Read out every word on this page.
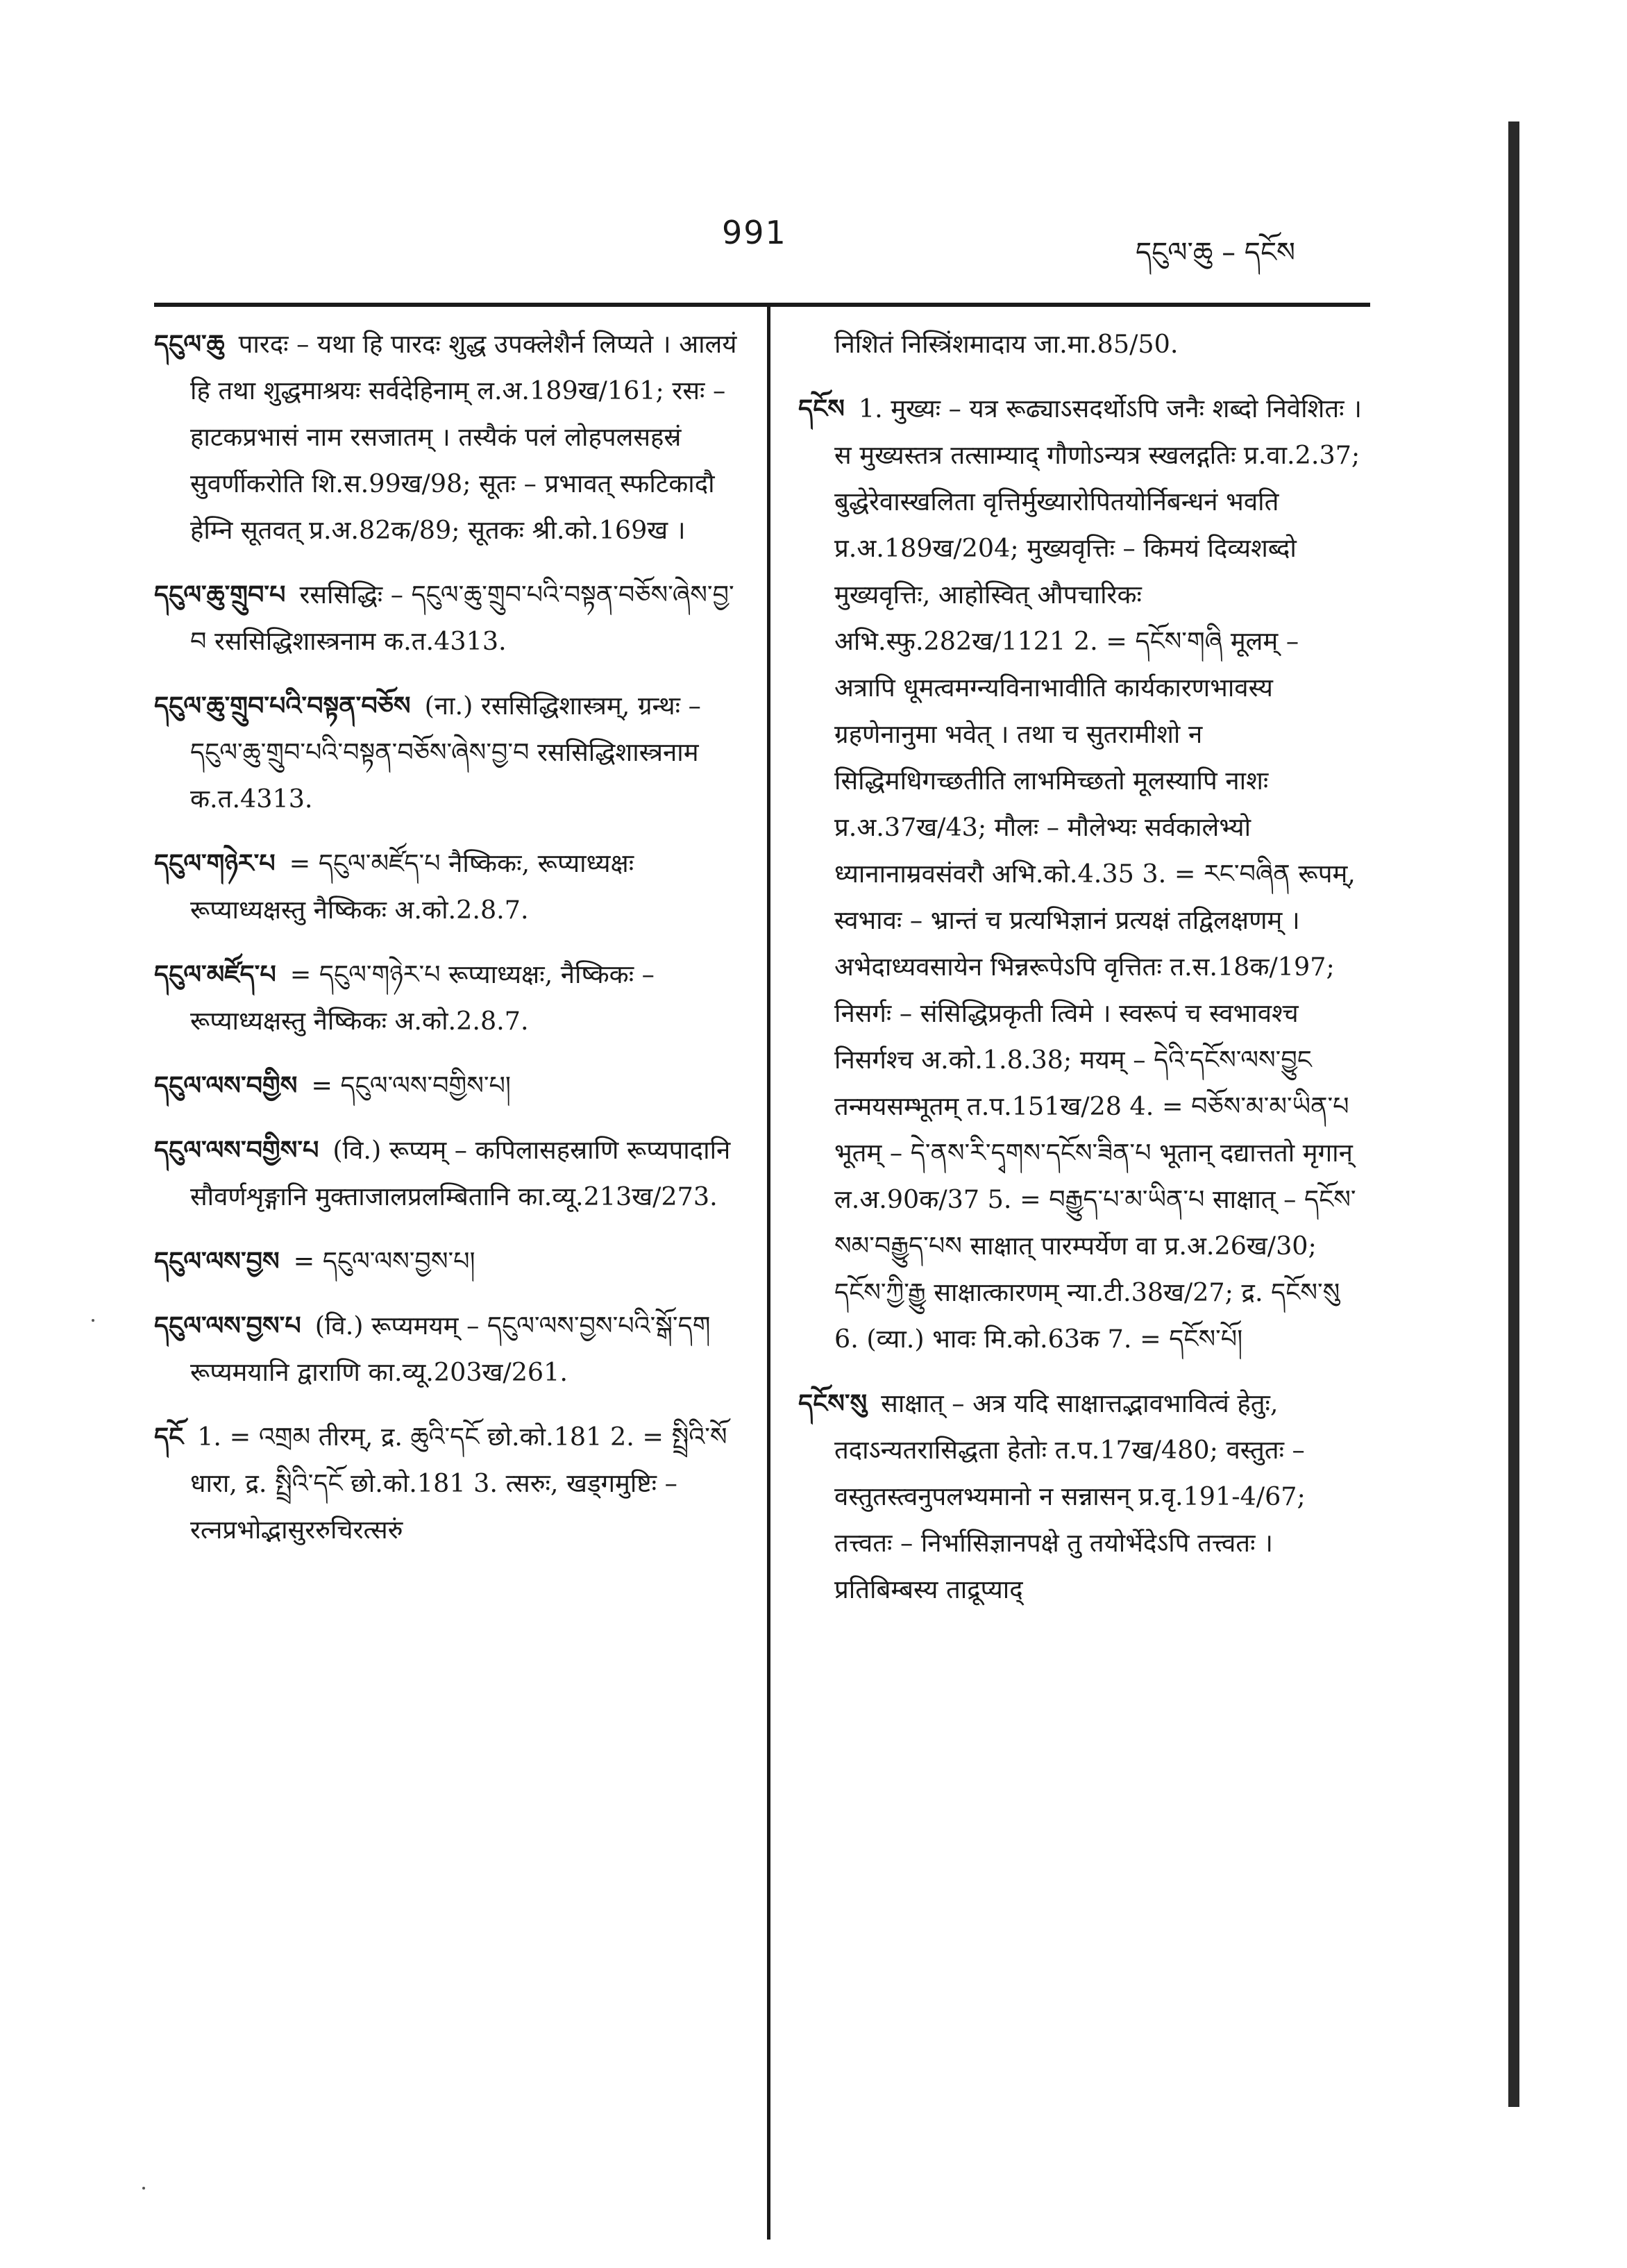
991
དངུལ་ཆུ – དངོས

དངུལ་ཆུ पारदः – यथा हि पारदः शुद्ध उपक्लेशैर्न लिप्यते । आलयं हि तथा शुद्धमाश्रयः सर्वदेहिनाम् ल.अ.189ख/161; रसः – हाटकप्रभासं नाम रसजातम् । तस्यैकं पलं लोहपलसहस्रं सुवर्णीकरोति शि.स.99ख/98; सूतः – प्रभावत् स्फटिकादौ हेम्नि सूतवत् प्र.अ.82क/89; सूतकः श्री.को.169ख ।

དངུལ་ཆུ་གྲུབ་པ रससिद्धिः – དངུལ་ཆུ་གྲུབ་པའི་བསྟན་བཅོས་ཞེས་བྱ་བ रससिद्धिशास्त्रनाम क.त.4313.

དངུལ་ཆུ་གྲུབ་པའི་བསྟན་བཅོས (ना.) रससिद्धिशास्त्रम्, ग्रन्थः – དངུལ་ཆུ་གྲུབ་པའི་བསྟན་བཅོས་ཞེས་བྱ་བ रससिद्धिशास्त्रनाम क.त.4313.

དངུལ་གཉེར་པ = དངུལ་མཛོད་པ नैष्किकः, रूप्याध्यक्षः रूप्याध्यक्षस्तु नैष्किकः अ.को.2.8.7.

དངུལ་མཛོད་པ = དངུལ་གཉེར་པ रूप्याध्यक्षः, नैष्किकः – रूप्याध्यक्षस्तु नैष्किकः अ.को.2.8.7.

དངུལ་ལས་བགྱིས = དངུལ་ལས་བགྱིས་པ།

དངུལ་ལས་བགྱིས་པ (वि.) रूप्यम् – कपिलासहस्राणि रूप्यपादानि सौवर्णशृङ्गानि मुक्ताजालप्रलम्बितानि का.व्यू.213ख/273.

དངུལ་ལས་བྱས = དངུལ་ལས་བྱས་པ།

དངུལ་ལས་བྱས་པ (वि.) रूप्यमयम् – དངུལ་ལས་བྱས་པའི་སྒོ་དག रूप्यमयानि द्वाराणि का.व्यू.203ख/261.

དངོ 1. = འགྲམ तीरम्, द्र. ཆུའི་དངོ छो.को.181 2. = སྤྲིའི་སོ धारा, द्र. སྤྲིའི་དངོ छो.को.181 3. त्सरुः, खड्गमुष्टिः – रत्नप्रभोद्भासुररुचिरत्सरुं

निशितं निस्त्रिंशमादाय जा.मा.85/50.

དངོས 1. मुख्यः – यत्र रूढ्याऽसदर्थोऽपि जनैः शब्दो निवेशितः । स मुख्यस्तत्र तत्साम्याद् गौणोऽन्यत्र स्खलद्गतिः प्र.वा.2.37; बुद्धेरेवास्खलिता वृत्तिर्मुख्यारोपितयोर्निबन्धनं भवति प्र.अ.189ख/204; मुख्यवृत्तिः – किमयं दिव्यशब्दो मुख्यवृत्तिः, आहोस्वित् औपचारिकः अभि.स्फु.282ख/1121 2. = དངོས་གཞི मूलम् – अत्रापि धूमत्वमग्न्यविनाभावीति कार्यकारणभावस्य ग्रहणेनानुमा भवेत् । तथा च सुतरामीशो न सिद्धिमधिगच्छतीति लाभमिच्छतो मूलस्यापि नाशः प्र.अ.37ख/43; मौलः – मौलेभ्यः सर्वकालेभ्यो ध्यानानाम्रवसंवरौ अभि.को.4.35 3. = རང་བཞིན रूपम्, स्वभावः – भ्रान्तं च प्रत्यभिज्ञानं प्रत्यक्षं तद्विलक्षणम् । अभेदाध्यवसायेन भिन्नरूपेऽपि वृत्तितः त.स.18क/197; निसर्गः – संसिद्धिप्रकृती त्विमे । स्वरूपं च स्वभावश्च निसर्गश्च अ.को.1.8.38; मयम् – དེའི་དངོས་ལས་བྱུང तन्मयसम्भूतम् त.प.151ख/28 4. = བཅོས་མ་མ་ཡིན་པ भूतम् – དེ་ནས་རི་དྭགས་དངོས་ཟིན་པ भूतान् दद्यात्ततो मृगान् ल.अ.90क/37 5. = བརྒྱུད་པ་མ་ཡིན་པ साक्षात् – དངོས་སམ་བརྒྱུད་པས साक्षात् पारम्पर्येण वा प्र.अ.26ख/30; དངོས་ཀྱི་རྒྱུ साक्षात्कारणम् न्या.टी.38ख/27; द्र. དངོས་སུ 6. (व्या.) भावः मि.को.63क 7. = དངོས་པོ།

དངོས་སུ साक्षात् – अत्र यदि साक्षात्तद्भावभावित्वं हेतुः, तदाऽन्यतरासिद्धता हेतोः त.प.17ख/480; वस्तुतः – वस्तुतस्त्वनुपलभ्यमानो न सन्नासन् प्र.वृ.191-4/67; तत्त्वतः – निर्भासिज्ञानपक्षे तु तयोर्भेदेऽपि तत्त्वतः । प्रतिबिम्बस्य ताद्रूप्याद्
